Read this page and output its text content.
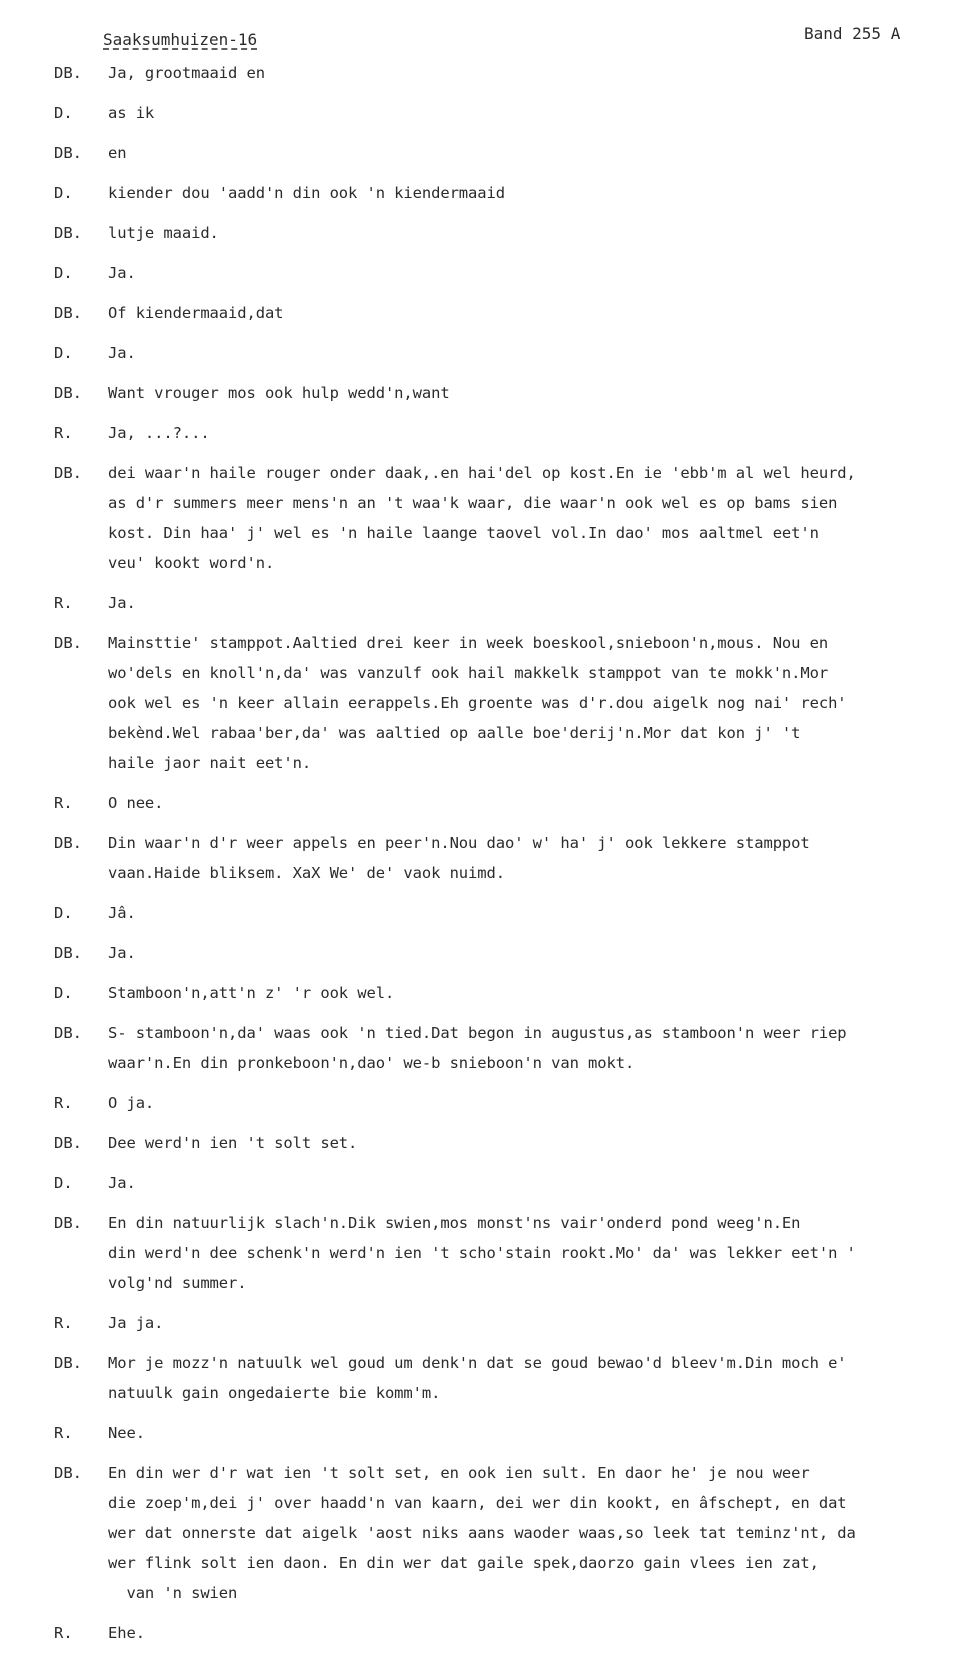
Saaksumhuizen-16	Band 255 A
DB.	Ja, grootmaaid en
D.	as ik
DB.	en
D.	kiender dou 'aadd'n din ook 'n kiendermaaid
DB.	lutje maaid.
D.	Ja.
DB.	Of kiendermaaid,dat
D.	Ja.
DB.	Want vrouger mos ook hulp wedd'n,want
R.	Ja, ...?...
DB.	dei waar'n haile rouger onder daak,.en hai'del op kost.En ie 'ebb'm al wel heurd,
as d'r summers meer mens'n an 't waa'k waar, die waar'n ook wel es op bams sien
kost. Din haa' j' wel es 'n haile laange taovel vol.In dao' mos aaltmel eet'n
veu' kookt word'n.
R.	Ja.
DB.	Mainsttie' stamppot.Aaltied drei keer in week boeskool,snieboon'n,mous. Nou en
wo'dels en knoll'n,da' was vanzulf ook hail makkelk stamppot van te mokk'n.Mor
ook wel es 'n keer allain eerappels.Eh groente was d'r.dou aigelk nog nai' rech'
bekènd.Wel rabaa'ber,da' was aaltied op aalle boe'derij'n.Mor dat kon j' 't
haile jaor nait eet'n.
R.	O nee.
DB.	Din waar'n d'r weer appels en peer'n.Nou dao' w' ha' j' ook lekkere stamppot
vaan.Haide bliksem. XaX We' de' vaok nuimd.
D.	Jâ.
DB.	Ja.
D.	Stamboon'n,att'n z' 'r ook wel.
DB.	S- stamboon'n,da' waas ook 'n tied.Dat begon in augustus,as stamboon'n weer riep
waar'n.En din pronkeboon'n,dao' we-b snieboon'n van mokt.
R.	O ja.
DB.	Dee werd'n ien 't solt set.
D.	Ja.
DB.	En din natuurlijk slach'n.Dik swien,mos monst'ns vair'onderd pond weeg'n.En
din werd'n dee schenk'n werd'n ien 't scho'stain rookt.Mo' da' was lekker eet'n '
volg'nd summer.
R.	Ja ja.
DB.	Mor je mozz'n natuulk wel goud um denk'n dat se goud bewao'd bleev'm.Din moch e'
natuulk gain ongedaierte bie komm'm.
R.	Nee.
DB.	En din wer d'r wat ien 't solt set, en ook ien sult. En daor he' je nou weer
die zoep'm,dei j' over haadd'n van kaarn, dei wer din kookt, en âfschept, en dat
wer dat onnerste dat aigelk 'aost niks aans waoder waas,so leek tat teminz'nt, da
wer flink solt ien daon. En din wer dat gaile spek,daorzo gain vlees ien zat,
van 'n swien
R.	Ehe.
